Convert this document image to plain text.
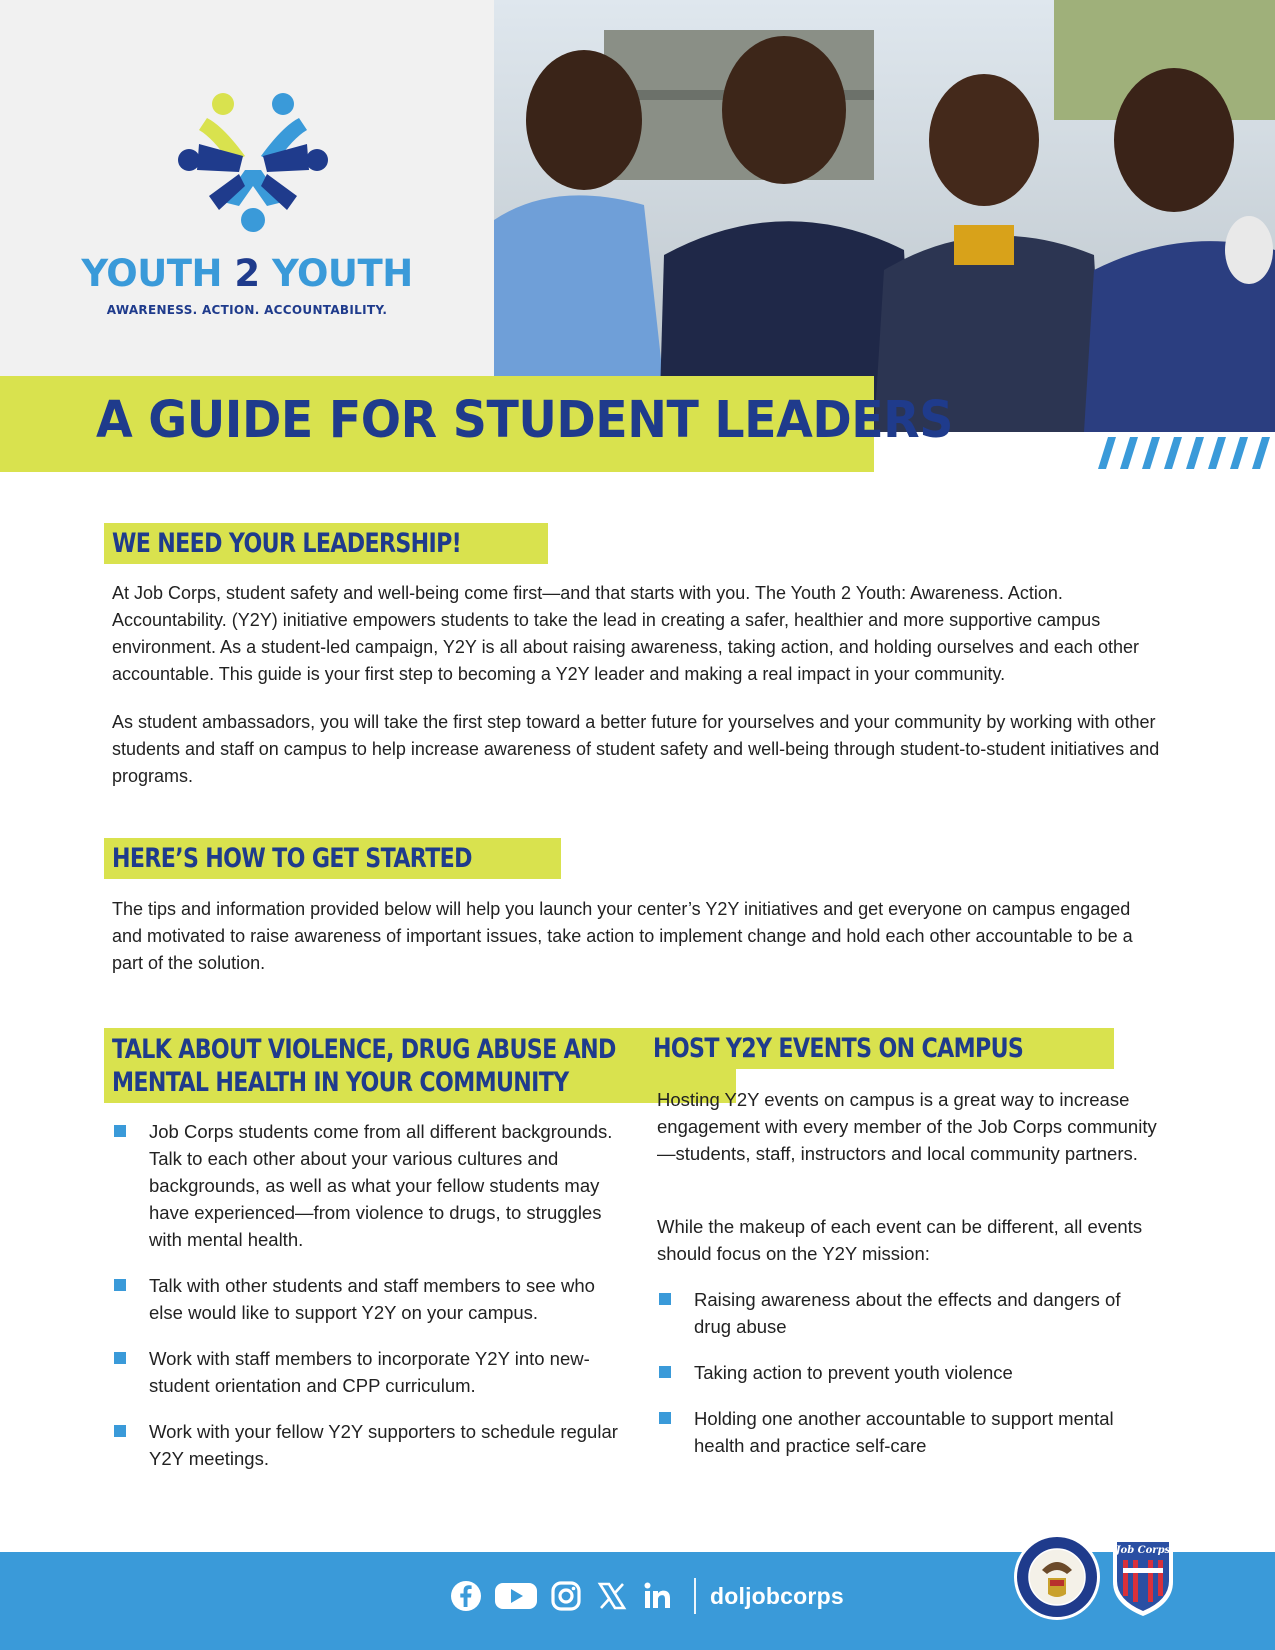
YOUTH 2 YOUTH
AWARENESS. ACTION. ACCOUNTABILITY.
A GUIDE FOR STUDENT LEADERS
WE NEED YOUR LEADERSHIP!
At Job Corps, student safety and well-being come first—and that starts with you. The Youth 2 Youth: Awareness. Action. Accountability. (Y2Y) initiative empowers students to take the lead in creating a safer, healthier and more supportive campus environment. As a student-led campaign, Y2Y is all about raising awareness, taking action, and holding ourselves and each other accountable. This guide is your first step to becoming a Y2Y leader and making a real impact in your community.
As student ambassadors, you will take the first step toward a better future for yourselves and your community by working with other students and staff on campus to help increase awareness of student safety and well-being through student-to-student initiatives and programs.
HERE’S HOW TO GET STARTED
The tips and information provided below will help you launch your center’s Y2Y initiatives and get everyone on campus engaged and motivated to raise awareness of important issues, take action to implement change and hold each other accountable to be a part of the solution.
TALK ABOUT VIOLENCE, DRUG ABUSE AND
MENTAL HEALTH IN YOUR COMMUNITY
Job Corps students come from all different backgrounds. Talk to each other about your various cultures and backgrounds, as well as what your fellow students may have experienced—from violence to drugs, to struggles with mental health.
Talk with other students and staff members to see who else would like to support Y2Y on your campus.
Work with staff members to incorporate Y2Y into new-student orientation and CPP curriculum.
Work with your fellow Y2Y supporters to schedule regular Y2Y meetings.
HOST Y2Y EVENTS ON CAMPUS
Hosting Y2Y events on campus is a great way to increase engagement with every member of the Job Corps community—students, staff, instructors and local community partners.
While the makeup of each event can be different, all events should focus on the Y2Y mission:
Raising awareness about the effects and dangers of drug abuse
Taking action to prevent youth violence
Holding one another accountable to support mental health and practice self-care
doljobcorps
Job Corps
